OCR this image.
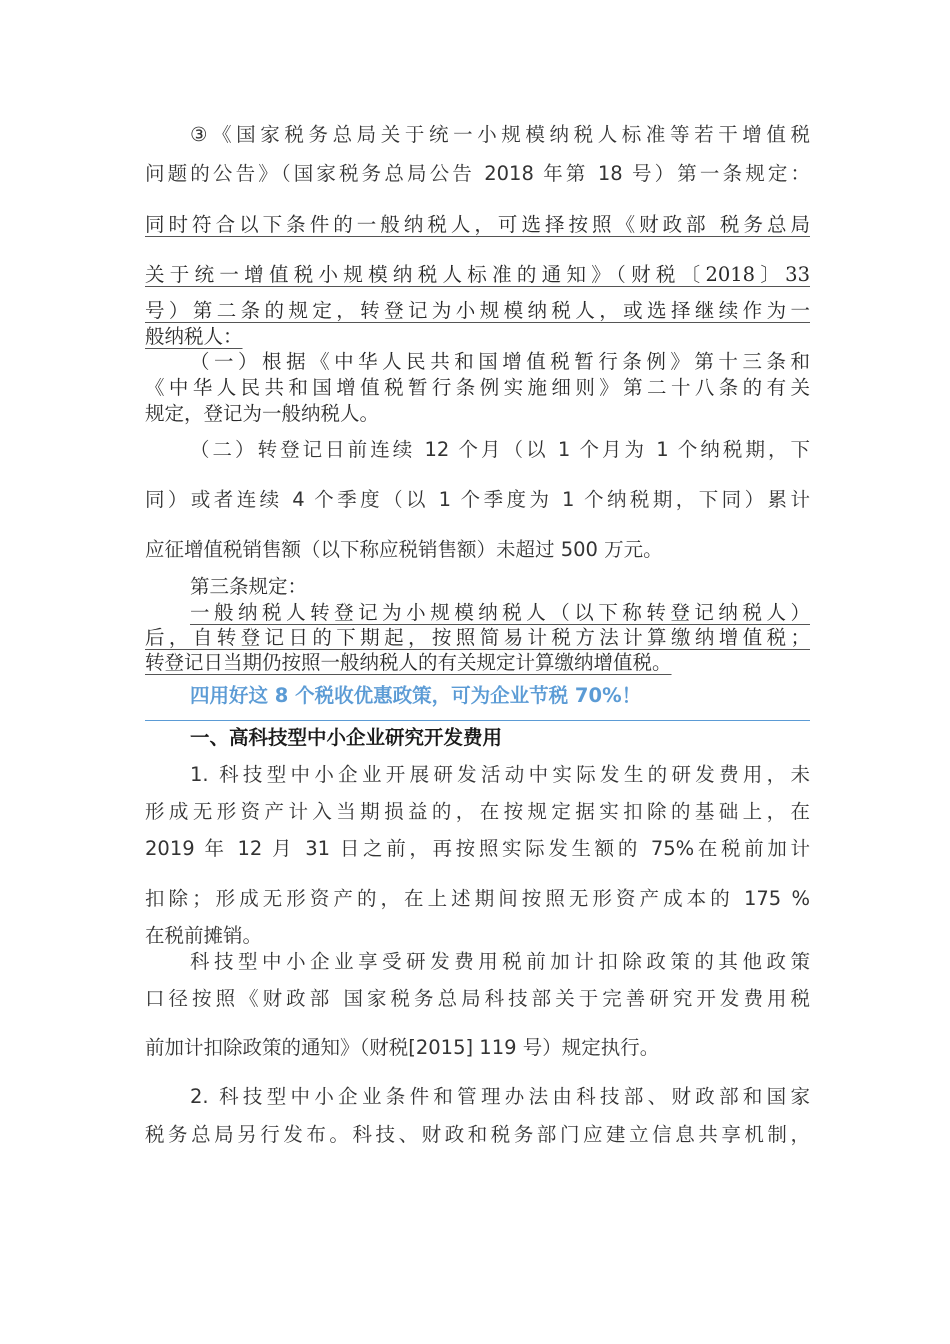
③《国家税务总局关于统一小规模纳税人标准等若干增值税
问题的公告》（国家税务总局公告 2018 年第 18 号）第一条规定：
同时符合以下条件的一般纳税人，可选择按照《财政部 税务总局
关于统一增值税小规模纳税人标准的通知》（财税〔2018〕33
号）第二条的规定，转登记为小规模纳税人，或选择继续作为一
般纳税人：
（一）根据《中华人民共和国增值税暂行条例》第十三条和
《中华人民共和国增值税暂行条例实施细则》第二十八条的有关
规定，登记为一般纳税人。
（二）转登记日前连续 12 个月（以 1 个月为 1 个纳税期，下
同）或者连续 4 个季度（以 1 个季度为 1 个纳税期，下同）累计
应征增值税销售额（以下称应税销售额）未超过 500 万元。
第三条规定：
一般纳税人转登记为小规模纳税人（以下称转登记纳税人）
后，自转登记日的下期起，按照简易计税方法计算缴纳增值税；
转登记日当期仍按照一般纳税人的有关规定计算缴纳增值税。
四用好这 8 个税收优惠政策，可为企业节税 70%！
一、高科技型中小企业研究开发费用
1. 科技型中小企业开展研发活动中实际发生的研发费用，未
形成无形资产计入当期损益的，在按规定据实扣除的基础上，在
2019 年 12 月 31 日之前，再按照实际发生额的 75%在税前加计
扣除；形成无形资产的，在上述期间按照无形资产成本的 175 %
在税前摊销。
科技型中小企业享受研发费用税前加计扣除政策的其他政策
口径按照《财政部 国家税务总局科技部关于完善研究开发费用税
前加计扣除政策的通知》（财税[2015] 119 号）规定执行。
2. 科技型中小企业条件和管理办法由科技部、财政部和国家
税务总局另行发布。科技、财政和税务部门应建立信息共享机制，
